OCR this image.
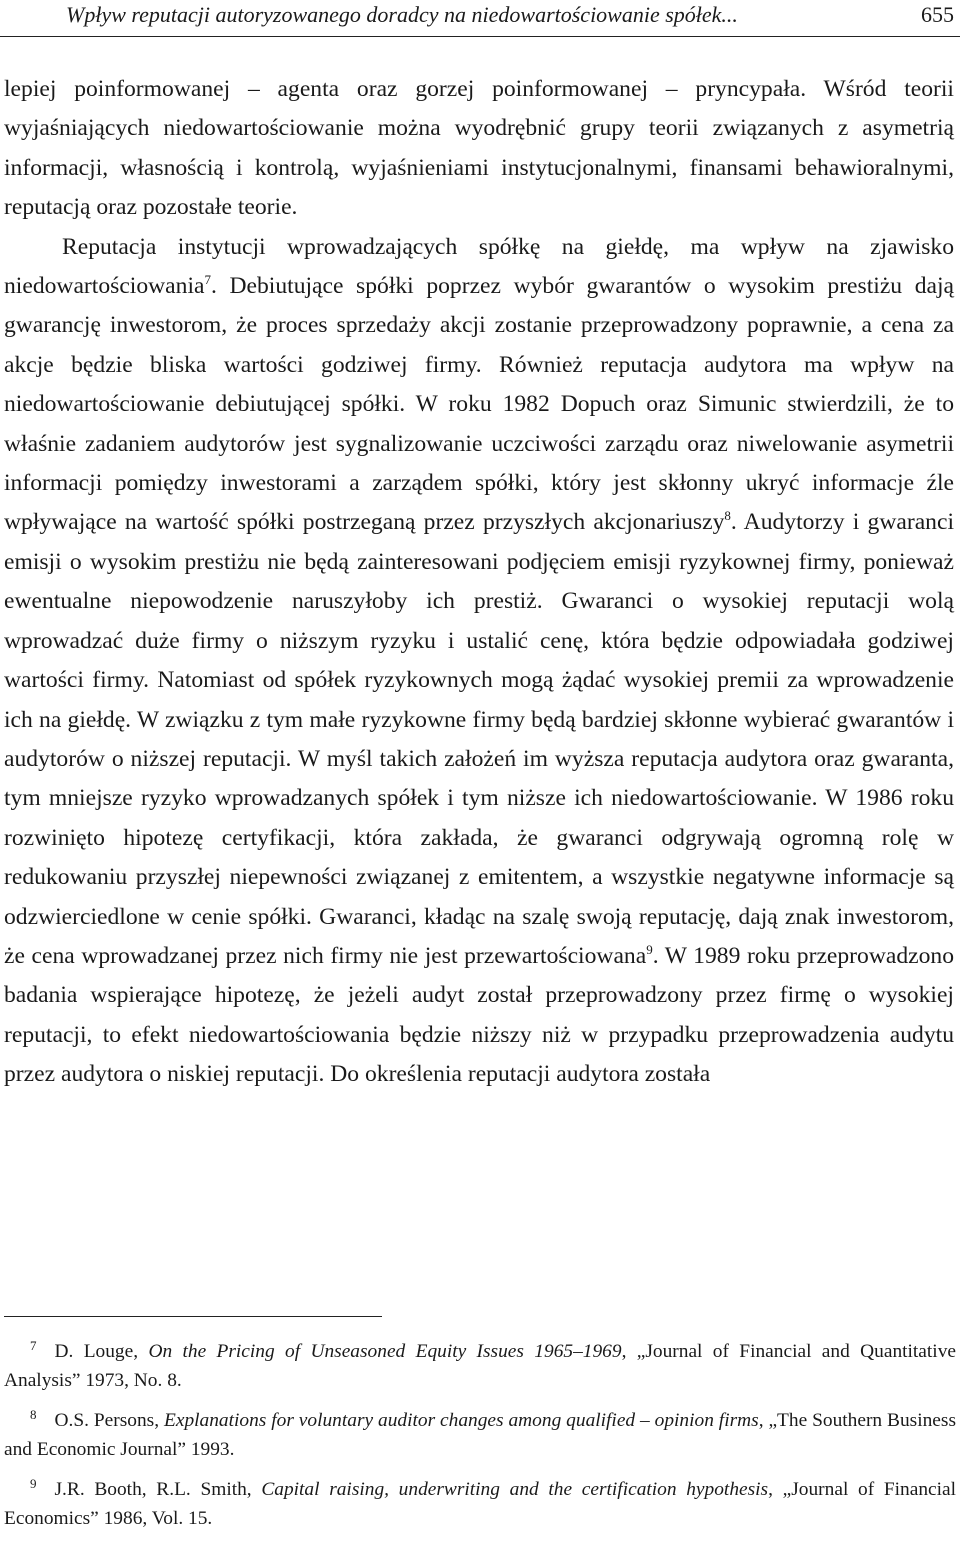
Wpływ reputacji autoryzowanego doradcy na niedowartościowanie spółek...	655

lepiej poinformowanej – agenta oraz gorzej poinformowanej – pryncypała. Wśród teorii wyjaśniających niedowartościowanie można wyodrębnić grupy teorii związanych z asymetrią informacji, własnością i kontrolą, wyjaśnieniami instytucjonalnymi, finansami behawioralnymi, reputacją oraz pozostałe teorie.

Reputacja instytucji wprowadzających spółkę na giełdę, ma wpływ na zjawisko niedowartościowania$^7$. Debiutujące spółki poprzez wybór gwarantów o wysokim prestiżu dają gwarancję inwestorom, że proces sprzedaży akcji zostanie przeprowadzony poprawnie, a cena za akcje będzie bliska wartości godziwej firmy. Również reputacja audytora ma wpływ na niedowartościowanie debiutującej spółki. W roku 1982 Dopuch oraz Simunic stwierdzili, że to właśnie zadaniem audytorów jest sygnalizowanie uczciwości zarządu oraz niwelowanie asymetrii informacji pomiędzy inwestorami a zarządem spółki, który jest skłonny ukryć informacje źle wpływające na wartość spółki postrzeganą przez przyszłych akcjonariuszy$^8$. Audytorzy i gwaranci emisji o wysokim prestiżu nie będą zainteresowani podjęciem emisji ryzykownej firmy, ponieważ ewentualne niepowodzenie naruszyłoby ich prestiż. Gwaranci o wysokiej reputacji wolą wprowadzać duże firmy o niższym ryzyku i ustalić cenę, która będzie odpowiadała godziwej wartości firmy. Natomiast od spółek ryzykownych mogą żądać wysokiej premii za wprowadzenie ich na giełdę. W związku z tym małe ryzykowne firmy będą bardziej skłonne wybierać gwarantów i audytorów o niższej reputacji. W myśl takich założeń im wyższa reputacja audytora oraz gwaranta, tym mniejsze ryzyko wprowadzanych spółek i tym niższe ich niedowartościowanie. W 1986 roku rozwinięto hipotezę certyfikacji, która zakłada, że gwaranci odgrywają ogromną rolę w redukowaniu przyszłej niepewności związanej z emitentem, a wszystkie negatywne informacje są odzwierciedlone w cenie spółki. Gwaranci, kładąc na szalę swoją reputację, dają znak inwestorom, że cena wprowadzanej przez nich firmy nie jest przewartościowana$^9$. W 1989 roku przeprowadzono badania wspierające hipotezę, że jeżeli audyt został przeprowadzony przez firmę o wysokiej reputacji, to efekt niedowartościowania będzie niższy niż w przypadku przeprowadzenia audytu przez audytora o niskiej reputacji. Do określenia reputacji audytora została

$^7$ D. Louge, On the Pricing of Unseasoned Equity Issues 1965–1969, „Journal of Financial and Quantitative Analysis” 1973, No. 8.

$^8$ O.S. Persons, Explanations for voluntary auditor changes among qualified – opinion firms, „The Southern Business and Economic Journal” 1993.

$^9$ J.R. Booth, R.L. Smith, Capital raising, underwriting and the certification hypothesis, „Journal of Financial Economics” 1986, Vol. 15.
